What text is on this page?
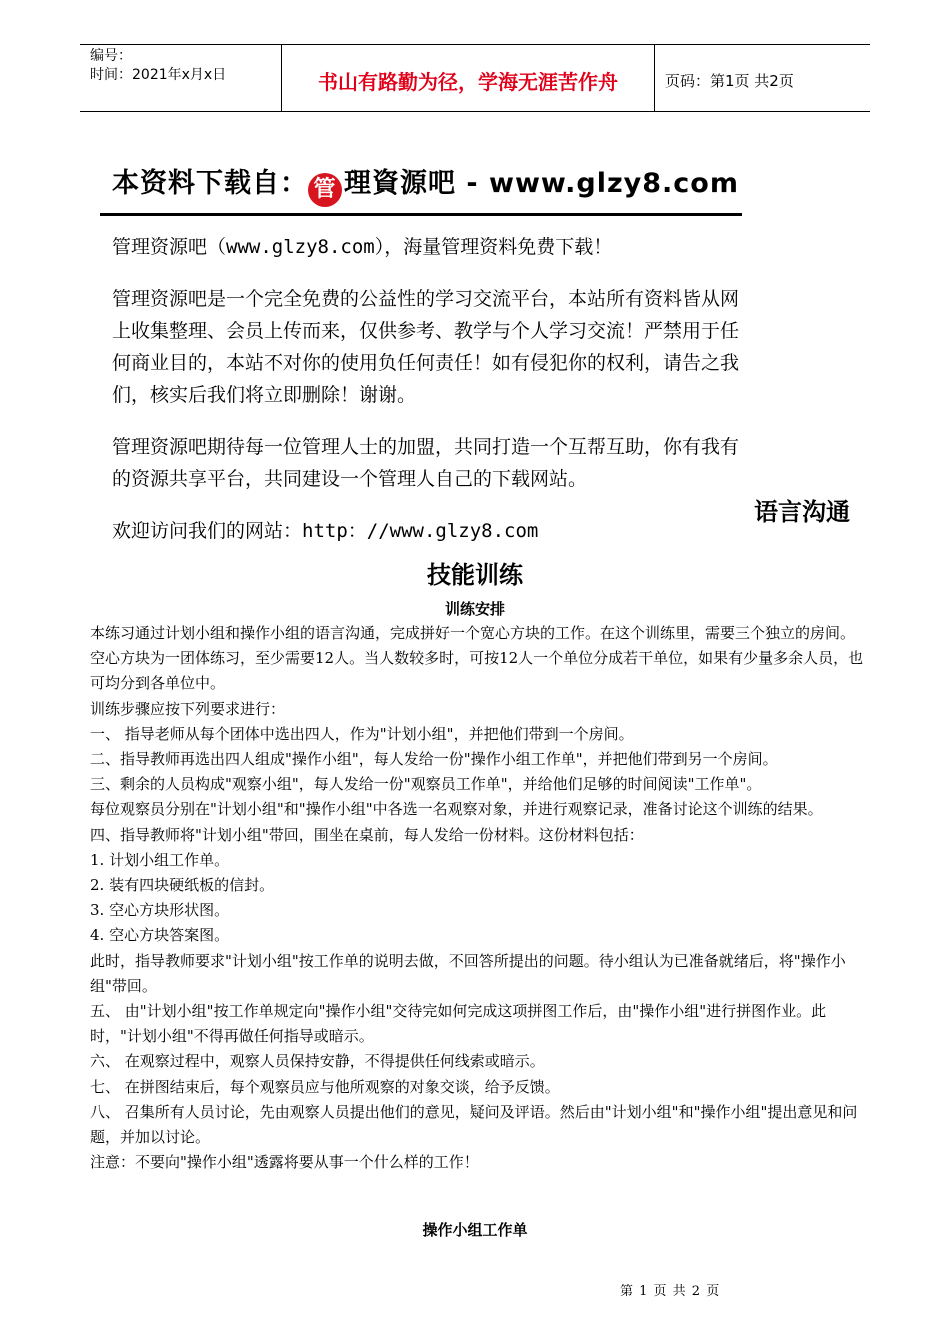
编号：
时间：2021年x月x日	书山有路勤为径，学海无涯苦作舟	页码：第1页 共2页
本资料下载自： 管 理資源吧 - www.glzy8.com

管理资源吧（www.glzy8.com），海量管理资料免费下载！

管理资源吧是一个完全免费的公益性的学习交流平台，本站所有资料皆从网上收集整理、会员上传而来，仅供参考、教学与个人学习交流！严禁用于任何商业目的，本站不对你的使用负任何责任！如有侵犯你的权利，请告之我们，核实后我们将立即删除！谢谢。

管理资源吧期待每一位管理人士的加盟，共同打造一个互帮互助，你有我有的资源共享平台，共同建设一个管理人自己的下载网站。

欢迎访问我们的网站：http：//www.glzy8.com

语言沟通
技能训练
训练安排

本练习通过计划小组和操作小组的语言沟通，完成拼好一个宽心方块的工作。在这个训练里，需要三个独立的房间。

空心方块为一团体练习，至少需要12人。当人数较多时，可按12人一个单位分成若干单位，如果有少量多余人员，也可均分到各单位中。

训练步骤应按下列要求进行：

一、 指导老师从每个团体中选出四人，作为"计划小组"，并把他们带到一个房间。

二、指导教师再选出四人组成"操作小组"，每人发给一份"操作小组工作单"，并把他们带到另一个房间。

三、剩余的人员构成"观察小组"，每人发给一份"观察员工作单"，并给他们足够的时间阅读"工作单"。

每位观察员分别在"计划小组"和"操作小组"中各选一名观察对象，并进行观察记录，准备讨论这个训练的结果。

四、指导教师将"计划小组"带回，围坐在桌前，每人发给一份材料。这份材料包括：

1. 计划小组工作单。

2. 装有四块硬纸板的信封。

3. 空心方块形状图。

4. 空心方块答案图。

此时，指导教师要求"计划小组"按工作单的说明去做，不回答所提出的问题。待小组认为已准备就绪后，将"操作小组"带回。

五、 由"计划小组"按工作单规定向"操作小组"交待完如何完成这项拼图工作后，由"操作小组"进行拼图作业。此时，"计划小组"不得再做任何指导或暗示。

六、 在观察过程中，观察人员保持安静，不得提供任何线索或暗示。

七、 在拼图结束后，每个观察员应与他所观察的对象交谈，给予反馈。

八、 召集所有人员讨论，先由观察人员提出他们的意见，疑问及评语。然后由"计划小组"和"操作小组"提出意见和问题，并加以讨论。

注意：不要向"操作小组"透露将要从事一个什么样的工作！

操作小组工作单
第 1 页 共 2 页
